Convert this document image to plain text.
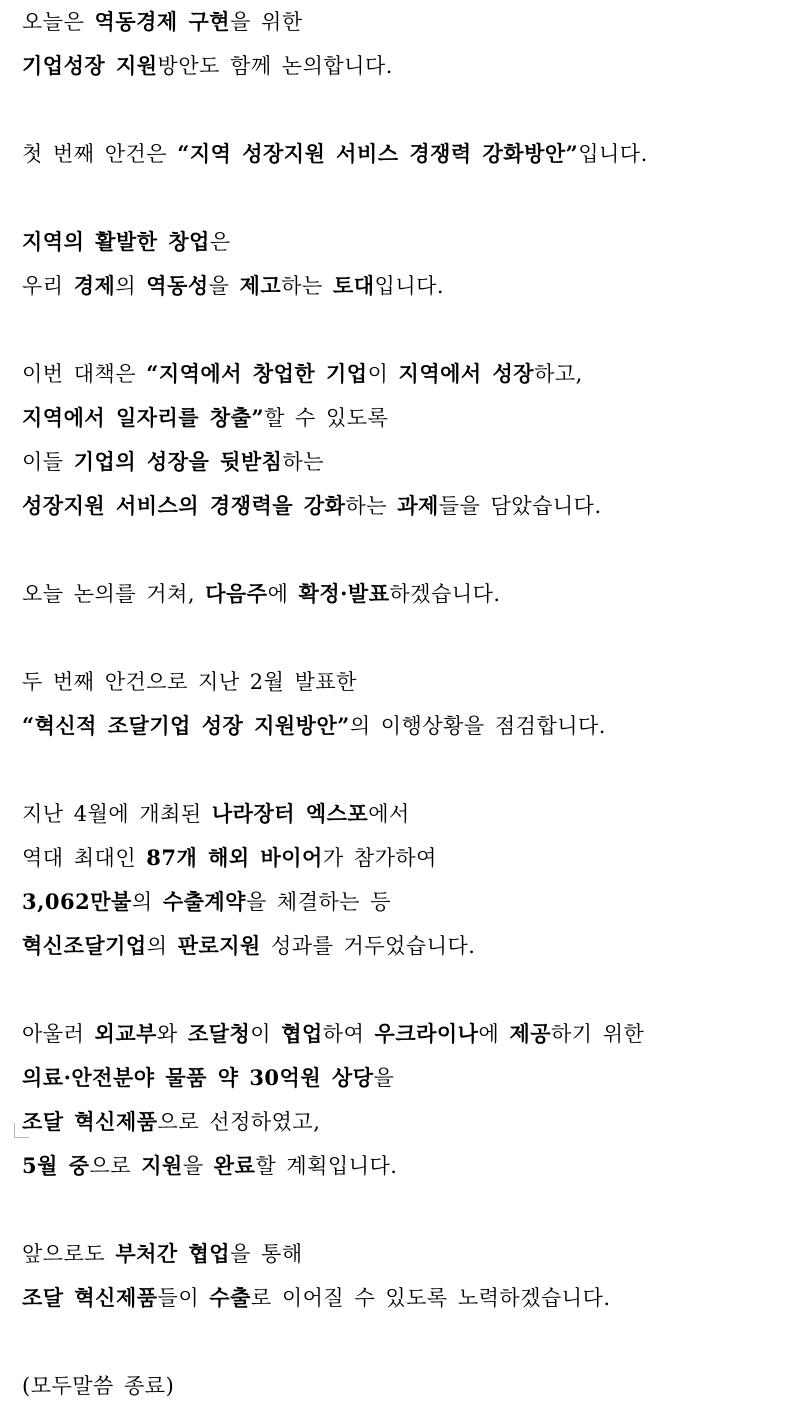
오늘은 역동경제 구현을 위한
기업성장 지원방안도 함께 논의합니다.
첫 번째 안건은 “지역 성장지원 서비스 경쟁력 강화방안”입니다.
지역의 활발한 창업은
우리 경제의 역동성을 제고하는 토대입니다.
이번 대책은 “지역에서 창업한 기업이 지역에서 성장하고,
지역에서 일자리를 창출”할 수 있도록
이들 기업의 성장을 뒷받침하는
성장지원 서비스의 경쟁력을 강화하는 과제들을 담았습니다.
오늘 논의를 거쳐, 다음주에 확정·발표하겠습니다.
두 번째 안건으로 지난 2월 발표한
“혁신적 조달기업 성장 지원방안”의 이행상황을 점검합니다.
지난 4월에 개최된 나라장터 엑스포에서
역대 최대인 87개 해외 바이어가 참가하여
3,062만불의 수출계약을 체결하는 등
혁신조달기업의 판로지원 성과를 거두었습니다.
아울러 외교부와 조달청이 협업하여 우크라이나에 제공하기 위한
의료·안전분야 물품 약 30억원 상당을
조달 혁신제품으로 선정하였고,
5월 중으로 지원을 완료할 계획입니다.
앞으로도 부처간 협업을 통해
조달 혁신제품들이 수출로 이어질 수 있도록 노력하겠습니다.
(모두말씀 종료)
